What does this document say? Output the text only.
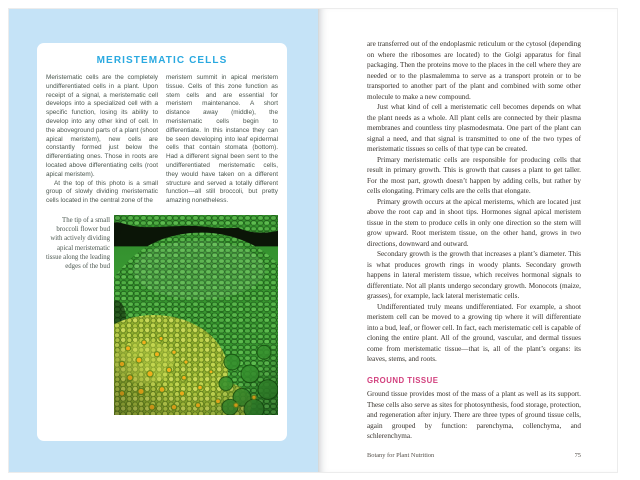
MERISTEMATIC CELLS

Meristematic cells are the completely undifferentiated cells in a plant. Upon receipt of a signal, a meristematic cell develops into a specialized cell with a specific function, losing its ability to develop into any other kind of cell. In the aboveground parts of a plant (shoot apical meristem), new cells are constantly formed just below the differentiating ones. Those in roots are located above differentiating cells (root apical meristem).

At the top of this photo is a small group of slowly dividing meristematic cells located in the central zone of the

meristem summit in apical meristem tissue. Cells of this zone function as stem cells and are essential for meristem maintenance. A short distance away (middle), the meristematic cells begin to differentiate. In this instance they can be seen developing into leaf epidermal cells that contain stomata (bottom). Had a different signal been sent to the undifferentiated meristematic cells, they would have taken on a different structure and served a totally different function—all still broccoli, but pretty amazing nonetheless.

The tip of a small broccoli flower bud with actively dividing apical meristematic tissue along the leading edges of the bud

are transferred out of the endoplasmic reticulum or the cytosol (depending on where the ribosomes are located) to the Golgi apparatus for final packaging. Then the proteins move to the places in the cell where they are needed or to the plasmalemma to serve as a transport protein or to be transported to another part of the plant and combined with some other molecule to make a new compound.

Just what kind of cell a meristematic cell becomes depends on what the plant needs as a whole. All plant cells are connected by their plasma membranes and countless tiny plasmodesmata. One part of the plant can signal a need, and that signal is transmitted to one of the two types of meristematic tissues so cells of that type can be created.

Primary meristematic cells are responsible for producing cells that result in primary growth. This is growth that causes a plant to get taller. For the most part, growth doesn’t happen by adding cells, but rather by cells elongating. Primary cells are the cells that elongate.

Primary growth occurs at the apical meristems, which are located just above the root cap and in shoot tips. Hormones signal apical meristem tissue in the stem to produce cells in only one direction so the stem will grow upward. Root meristem tissue, on the other hand, grows in two directions, downward and outward.

Secondary growth is the growth that increases a plant’s diameter. This is what produces growth rings in woody plants. Secondary growth happens in lateral meristem tissue, which receives hormonal signals to differentiate. Not all plants undergo secondary growth. Monocots (maize, grasses), for example, lack lateral meristematic cells.

Undifferentiated truly means undifferentiated. For example, a shoot meristem cell can be moved to a growing tip where it will differentiate into a bud, leaf, or flower cell. In fact, each meristematic cell is capable of cloning the entire plant. All of the ground, vascular, and dermal tissues come from meristematic tissue—that is, all of the plant’s organs: its leaves, stems, and roots.

GROUND TISSUE

Ground tissue provides most of the mass of a plant as well as its support. These cells also serve as sites for photosynthesis, food storage, protection, and regeneration after injury. There are three types of ground tissue cells, again grouped by function: parenchyma, collenchyma, and schlerenchyma.

Botany for Plant Nutrition	75
